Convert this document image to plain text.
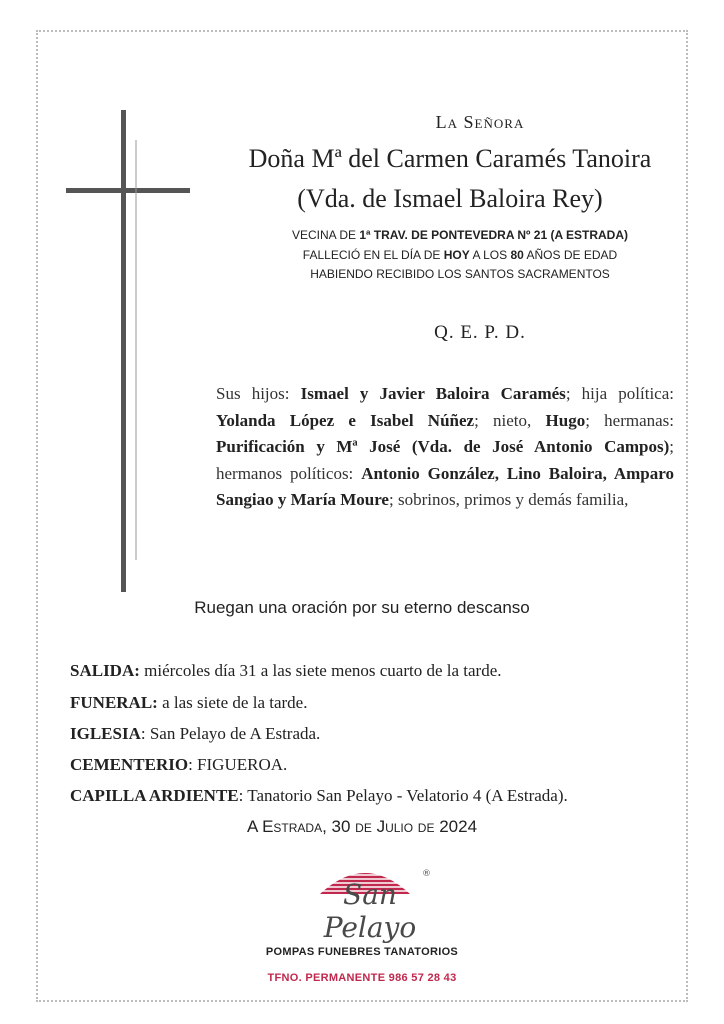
La Señora
Doña Mª del Carmen Caramés Tanoira
(Vda. de Ismael Baloira Rey)
VECINA DE 1ª TRAV. DE PONTEVEDRA Nº 21 (A ESTRADA)
FALLECIÓ EN EL DÍA DE HOY A LOS 80 AÑOS DE EDAD
HABIENDO RECIBIDO LOS SANTOS SACRAMENTOS
Q. E. P. D.
Sus hijos: Ismael y Javier Baloira Caramés; hija política: Yolanda López e Isabel Núñez; nieto, Hugo; hermanas: Purificación y Mª José (Vda. de José Antonio Campos); hermanos políticos: Antonio González, Lino Baloira, Amparo Sangiao y María Moure; sobrinos, primos y demás familia,
Ruegan una oración por su eterno descanso
SALIDA: miércoles día 31 a las siete menos cuarto de la tarde.
FUNERAL: a las siete de la tarde.
IGLESIA: San Pelayo de A Estrada.
CEMENTERIO: FIGUEROA.
CAPILLA ARDIENTE: Tanatorio San Pelayo - Velatorio 4 (A Estrada).
A Estrada, 30 de Julio de 2024
®
San Pelayo
POMPAS FUNEBRES TANATORIOS
TFNO. PERMANENTE 986 57 28 43
